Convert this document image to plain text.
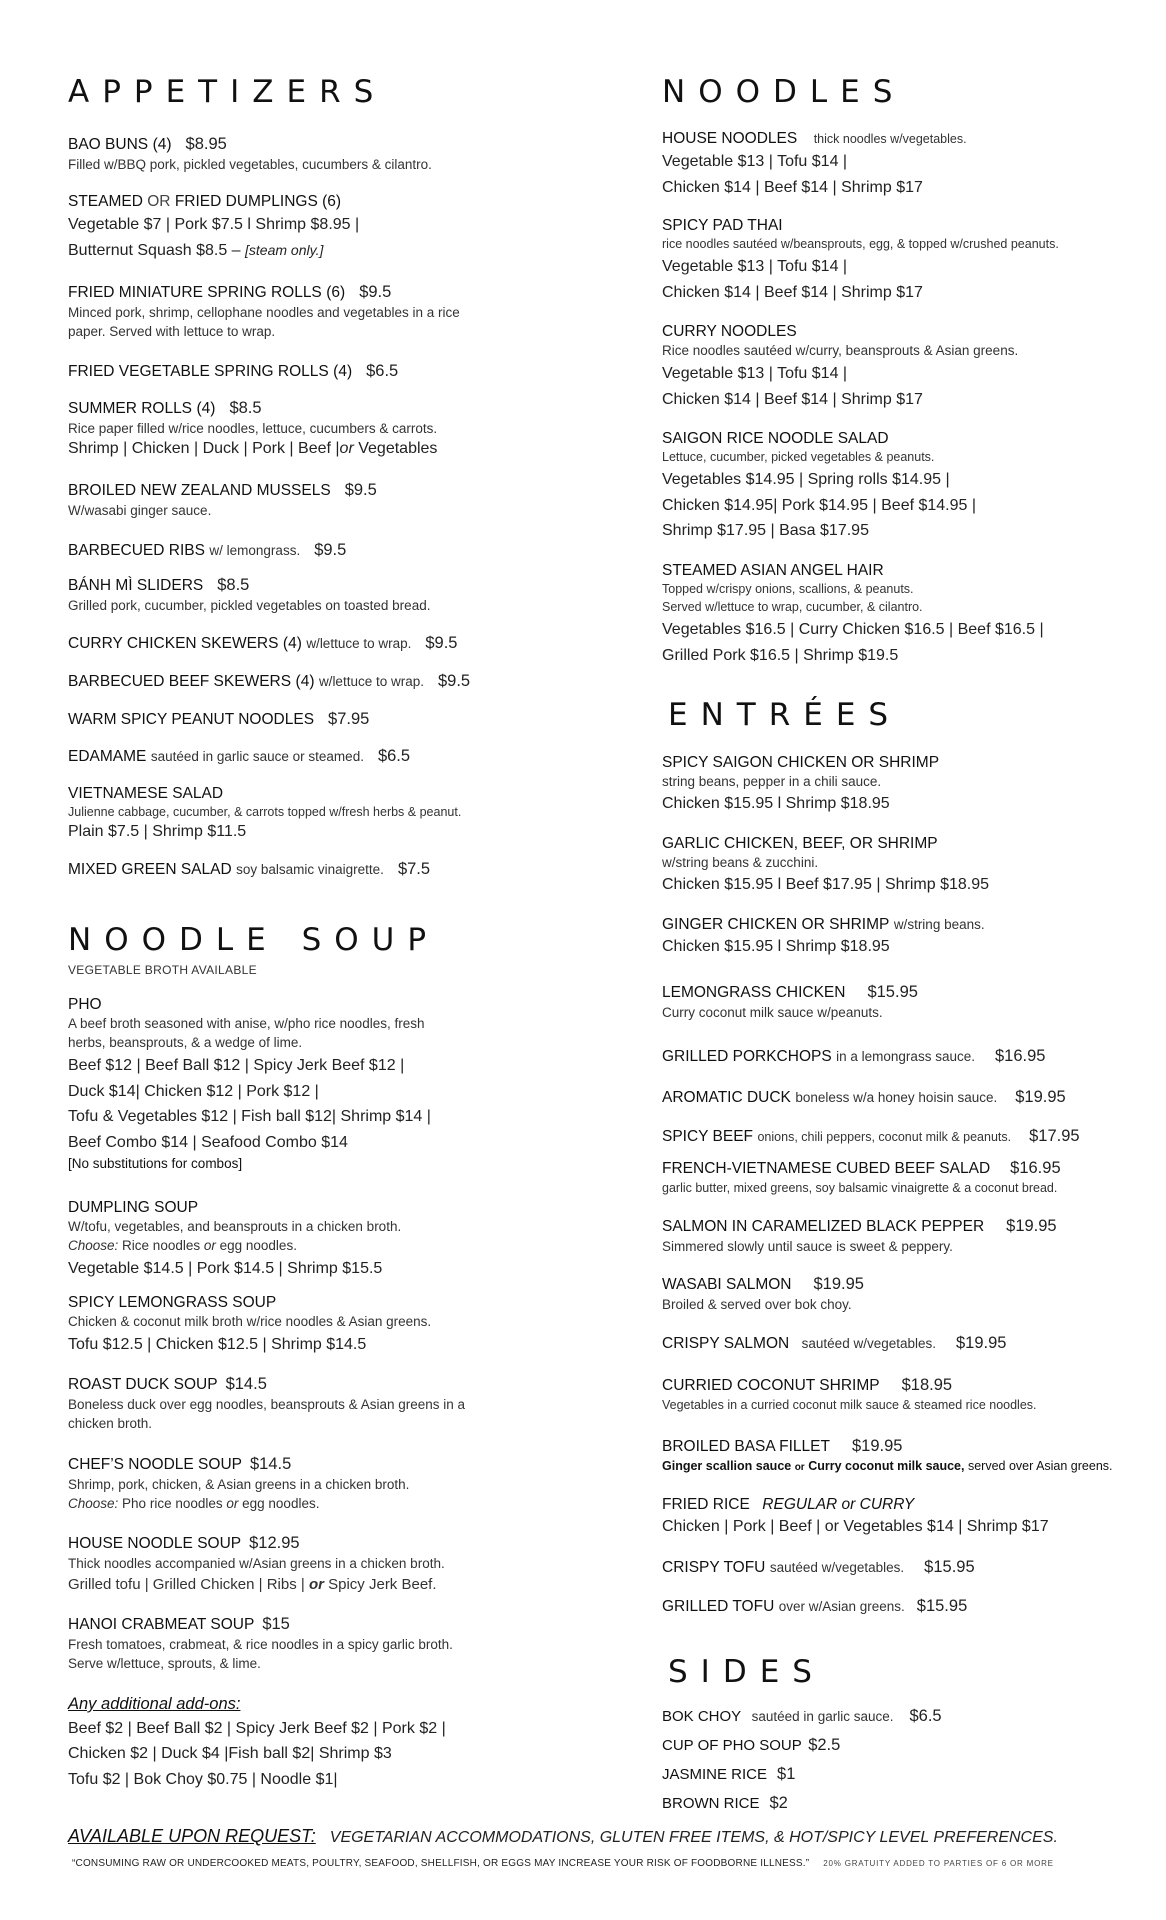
APPETIZERS
BAO BUNS (4) $8.95
Filled w/BBQ pork, pickled vegetables, cucumbers & cilantro.
STEAMED OR FRIED DUMPLINGS (6)
Vegetable $7 | Pork $7.5 l Shrimp $8.95 |
Butternut Squash $8.5 – [steam only.]
FRIED MINIATURE SPRING ROLLS (6) $9.5
Minced pork, shrimp, cellophane noodles and vegetables in a rice
paper. Served with lettuce to wrap.
FRIED VEGETABLE SPRING ROLLS (4) $6.5
SUMMER ROLLS (4) $8.5
Rice paper filled w/rice noodles, lettuce, cucumbers & carrots.
Shrimp | Chicken | Duck | Pork | Beef |or Vegetables
BROILED NEW ZEALAND MUSSELS $9.5
W/wasabi ginger sauce.
BARBECUED RIBS w/ lemongrass. $9.5
BÁNH MÌ SLIDERS $8.5
Grilled pork, cucumber, pickled vegetables on toasted bread.
CURRY CHICKEN SKEWERS (4) w/lettuce to wrap. $9.5
BARBECUED BEEF SKEWERS (4) w/lettuce to wrap. $9.5
WARM SPICY PEANUT NOODLES $7.95
EDAMAME sautéed in garlic sauce or steamed. $6.5
VIETNAMESE SALAD
Julienne cabbage, cucumber, & carrots topped w/fresh herbs & peanut.
Plain $7.5 | Shrimp $11.5
MIXED GREEN SALAD soy balsamic vinaigrette. $7.5
NOODLE SOUP
VEGETABLE BROTH AVAILABLE
PHO
A beef broth seasoned with anise, w/pho rice noodles, fresh
herbs, beansprouts, & a wedge of lime.
Beef $12 | Beef Ball $12 | Spicy Jerk Beef $12 |
Duck $14| Chicken $12 | Pork $12 |
Tofu & Vegetables $12 | Fish ball $12| Shrimp $14 |
Beef Combo $14 | Seafood Combo $14
[No substitutions for combos]
DUMPLING SOUP
W/tofu, vegetables, and beansprouts in a chicken broth.
Choose: Rice noodles or egg noodles.
Vegetable $14.5 | Pork $14.5 | Shrimp $15.5
SPICY LEMONGRASS SOUP
Chicken & coconut milk broth w/rice noodles & Asian greens.
Tofu $12.5 | Chicken $12.5 | Shrimp $14.5
ROAST DUCK SOUP $14.5
Boneless duck over egg noodles, beansprouts & Asian greens in a
chicken broth.
CHEF’S NOODLE SOUP $14.5
Shrimp, pork, chicken, & Asian greens in a chicken broth.
Choose: Pho rice noodles or egg noodles.
HOUSE NOODLE SOUP $12.95
Thick noodles accompanied w/Asian greens in a chicken broth.
Grilled tofu | Grilled Chicken | Ribs | or Spicy Jerk Beef.
HANOI CRABMEAT SOUP $15
Fresh tomatoes, crabmeat, & rice noodles in a spicy garlic broth.
Serve w/lettuce, sprouts, & lime.
Any additional add-ons:
Beef $2 | Beef Ball $2 | Spicy Jerk Beef $2 | Pork $2 |
Chicken $2 | Duck $4 |Fish ball $2| Shrimp $3
Tofu $2 | Bok Choy $0.75 | Noodle $1|
NOODLES
HOUSE NOODLES thick noodles w/vegetables.
Vegetable $13 | Tofu $14 |
Chicken $14 | Beef $14 | Shrimp $17
SPICY PAD THAI
rice noodles sautéed w/beansprouts, egg, & topped w/crushed peanuts.
Vegetable $13 | Tofu $14 |
Chicken $14 | Beef $14 | Shrimp $17
CURRY NOODLES
Rice noodles sautéed w/curry, beansprouts & Asian greens.
Vegetable $13 | Tofu $14 |
Chicken $14 | Beef $14 | Shrimp $17
SAIGON RICE NOODLE SALAD
Lettuce, cucumber, picked vegetables & peanuts.
Vegetables $14.95 | Spring rolls $14.95 |
Chicken $14.95| Pork $14.95 | Beef $14.95 |
Shrimp $17.95 | Basa $17.95
STEAMED ASIAN ANGEL HAIR
Topped w/crispy onions, scallions, & peanuts.
Served w/lettuce to wrap, cucumber, & cilantro.
Vegetables $16.5 | Curry Chicken $16.5 | Beef $16.5 |
Grilled Pork $16.5 | Shrimp $19.5
ENTRÉES
SPICY SAIGON CHICKEN OR SHRIMP
string beans, pepper in a chili sauce.
Chicken $15.95 l Shrimp $18.95
GARLIC CHICKEN, BEEF, OR SHRIMP
w/string beans & zucchini.
Chicken $15.95 l Beef $17.95 | Shrimp $18.95
GINGER CHICKEN OR SHRIMP w/string beans.
Chicken $15.95 l Shrimp $18.95
LEMONGRASS CHICKEN $15.95
Curry coconut milk sauce w/peanuts.
GRILLED PORKCHOPS in a lemongrass sauce. $16.95
AROMATIC DUCK boneless w/a honey hoisin sauce. $19.95
SPICY BEEF onions, chili peppers, coconut milk & peanuts. $17.95
FRENCH-VIETNAMESE CUBED BEEF SALAD $16.95
garlic butter, mixed greens, soy balsamic vinaigrette & a coconut bread.
SALMON IN CARAMELIZED BLACK PEPPER $19.95
Simmered slowly until sauce is sweet & peppery.
WASABI SALMON $19.95
Broiled & served over bok choy.
CRISPY SALMON sautéed w/vegetables. $19.95
CURRIED COCONUT SHRIMP $18.95
Vegetables in a curried coconut milk sauce & steamed rice noodles.
BROILED BASA FILLET $19.95
Ginger scallion sauce or Curry coconut milk sauce, served over Asian greens.
FRIED RICE REGULAR or CURRY
Chicken | Pork | Beef | or Vegetables $14 | Shrimp $17
CRISPY TOFU sautéed w/vegetables. $15.95
GRILLED TOFU over w/Asian greens. $15.95
SIDES
BOK CHOY sautéed in garlic sauce. $6.5
CUP OF PHO SOUP $2.5
JASMINE RICE $1
BROWN RICE $2
AVAILABLE UPON REQUEST: VEGETARIAN ACCOMMODATIONS, GLUTEN FREE ITEMS, & HOT/SPICY LEVEL PREFERENCES.
“CONSUMING RAW OR UNDERCOOKED MEATS, POULTRY, SEAFOOD, SHELLFISH, OR EGGS MAY INCREASE YOUR RISK OF FOODBORNE ILLNESS.” 20% GRATUITY ADDED TO PARTIES OF 6 OR MORE
